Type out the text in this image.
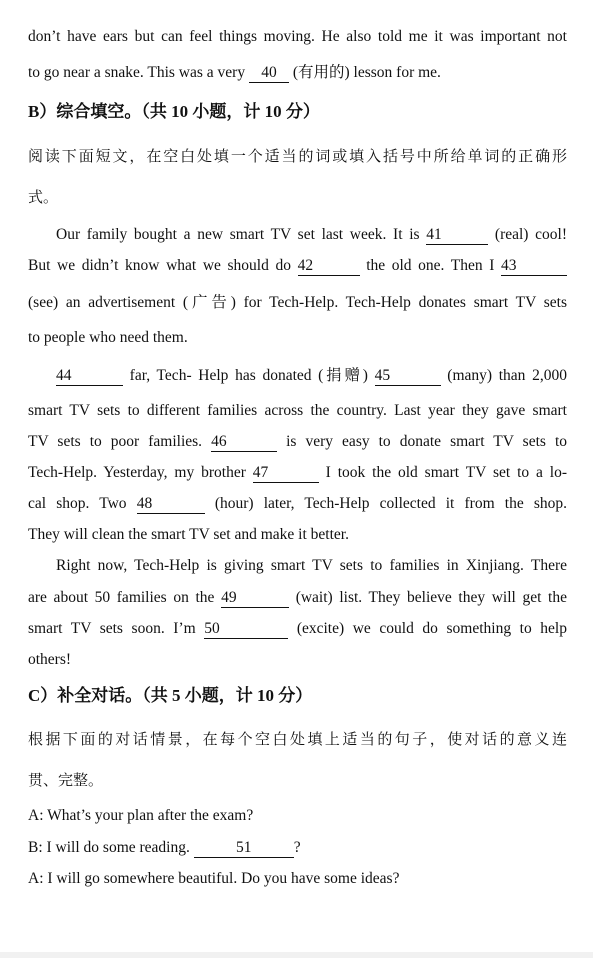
don’t have ears but can feel things moving. He also told me it was important not
to go near a snake. This was a very 40 (有用的) lesson for me.
B）综合填空。（共 10 小题，计 10 分）
阅读下面短文，在空白处填一个适当的词或填入括号中所给单词的正确形
式。
Our family bought a new smart TV set last week. It is 41	(real) cool!
But we didn’t know what we should do 42	the old one. Then I 43
(see) an advertisement (广告) for Tech-Help. Tech-Help donates smart TV sets
to people who need them.
44	far, Tech- Help has donated (捐赠) 45	(many) than 2,000
smart TV sets to different families across the country. Last year they gave smart
TV sets to poor families. 46	is very easy to donate smart TV sets to
Tech-Help. Yesterday, my brother 47	I took the old smart TV set to a lo-
cal shop. Two 48	(hour) later, Tech-Help collected it from the shop.
They will clean the smart TV set and make it better.
Right now, Tech-Help is giving smart TV sets to families in Xinjiang. There
are about 50 families on the 49	(wait) list. They believe they will get the
smart TV sets soon. I’m 50	(excite) we could do something to help
others!
C）补全对话。（共 5 小题，计 10 分）
根据下面的对话情景，在每个空白处填上适当的句子，使对话的意义连
贯、完整。
A: What’s your plan after the exam?
B: I will do some reading.	51	?
A: I will go somewhere beautiful. Do you have some ideas?
